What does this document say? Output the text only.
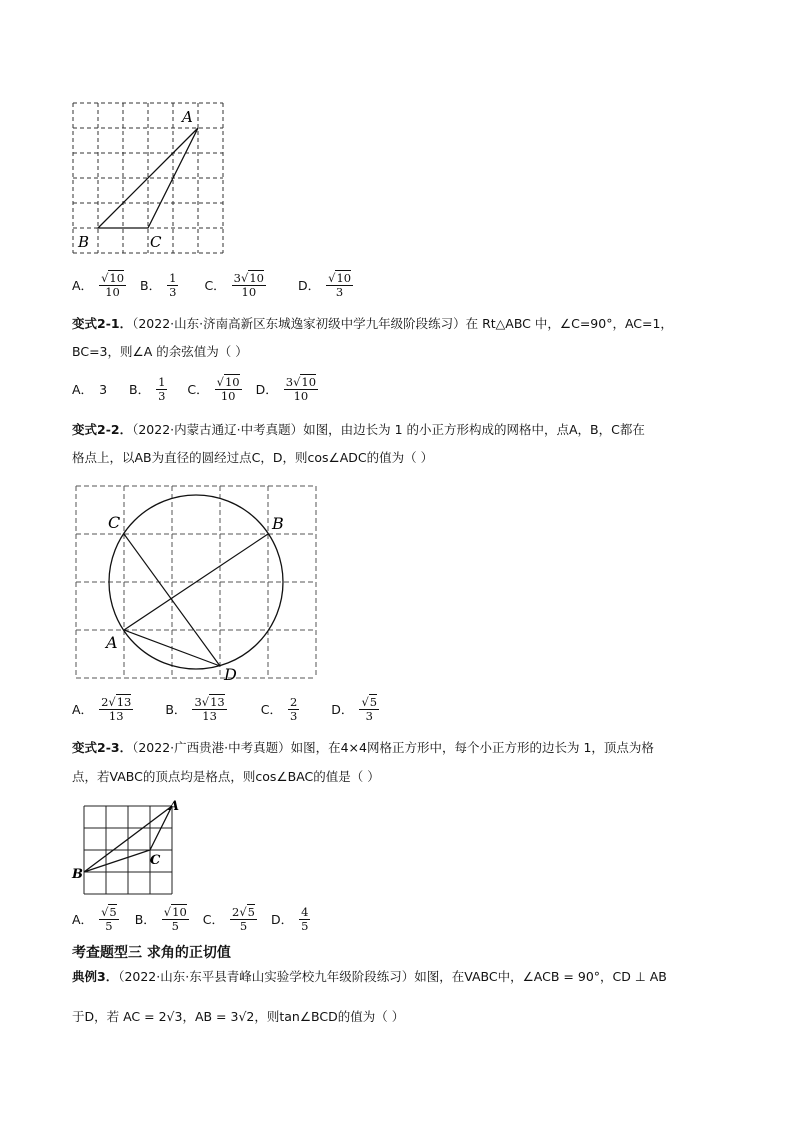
A
B	C
A． $\frac{√10}{10}$ B． $\frac{1}{3}$ C． $\frac{3√10}{10}$	D． $\frac{√10}{3}$
变式2-1．（2022·山东·济南高新区东城逸家初级中学九年级阶段练习）在 Rt△ABC 中，∠C=90°，AC=1，
BC=3，则∠A 的余弦值为（ ）
A． 3 B． $\frac{1}{3}$ C． $\frac{√10}{10}$ D． $\frac{3√10}{10}$
变式2-2．（2022·内蒙古通辽·中考真题）如图，由边长为 1 的小正方形构成的网格中，点A，B，C都在
格点上，以AB为直径的圆经过点C，D，则cos∠ADC的值为（ ）
C	B
A
D
A． $\frac{2√13}{13}$	B． $\frac{3√13}{13}$	C． $\frac{2}{3}$	D． $\frac{√5}{3}$
变式2-3．（2022·广西贵港·中考真题）如图，在4×4网格正方形中，每个小正方形的边长为 1，顶点为格
点，若VABC的顶点均是格点，则cos∠BAC的值是（ ）
A
B
C
A． $\frac{√5}{5}$ B． $\frac{√10}{5}$ C． $\frac{2√5}{5}$ D． $\frac{4}{5}$
考查题型三 求角的正切值
典例3．（2022·山东·东平县青峰山实验学校九年级阶段练习）如图，在VABC中，∠ACB = 90°，CD ⊥ AB
于D，若 AC = 2√3，AB = 3√2，则tan∠BCD的值为（ ）
